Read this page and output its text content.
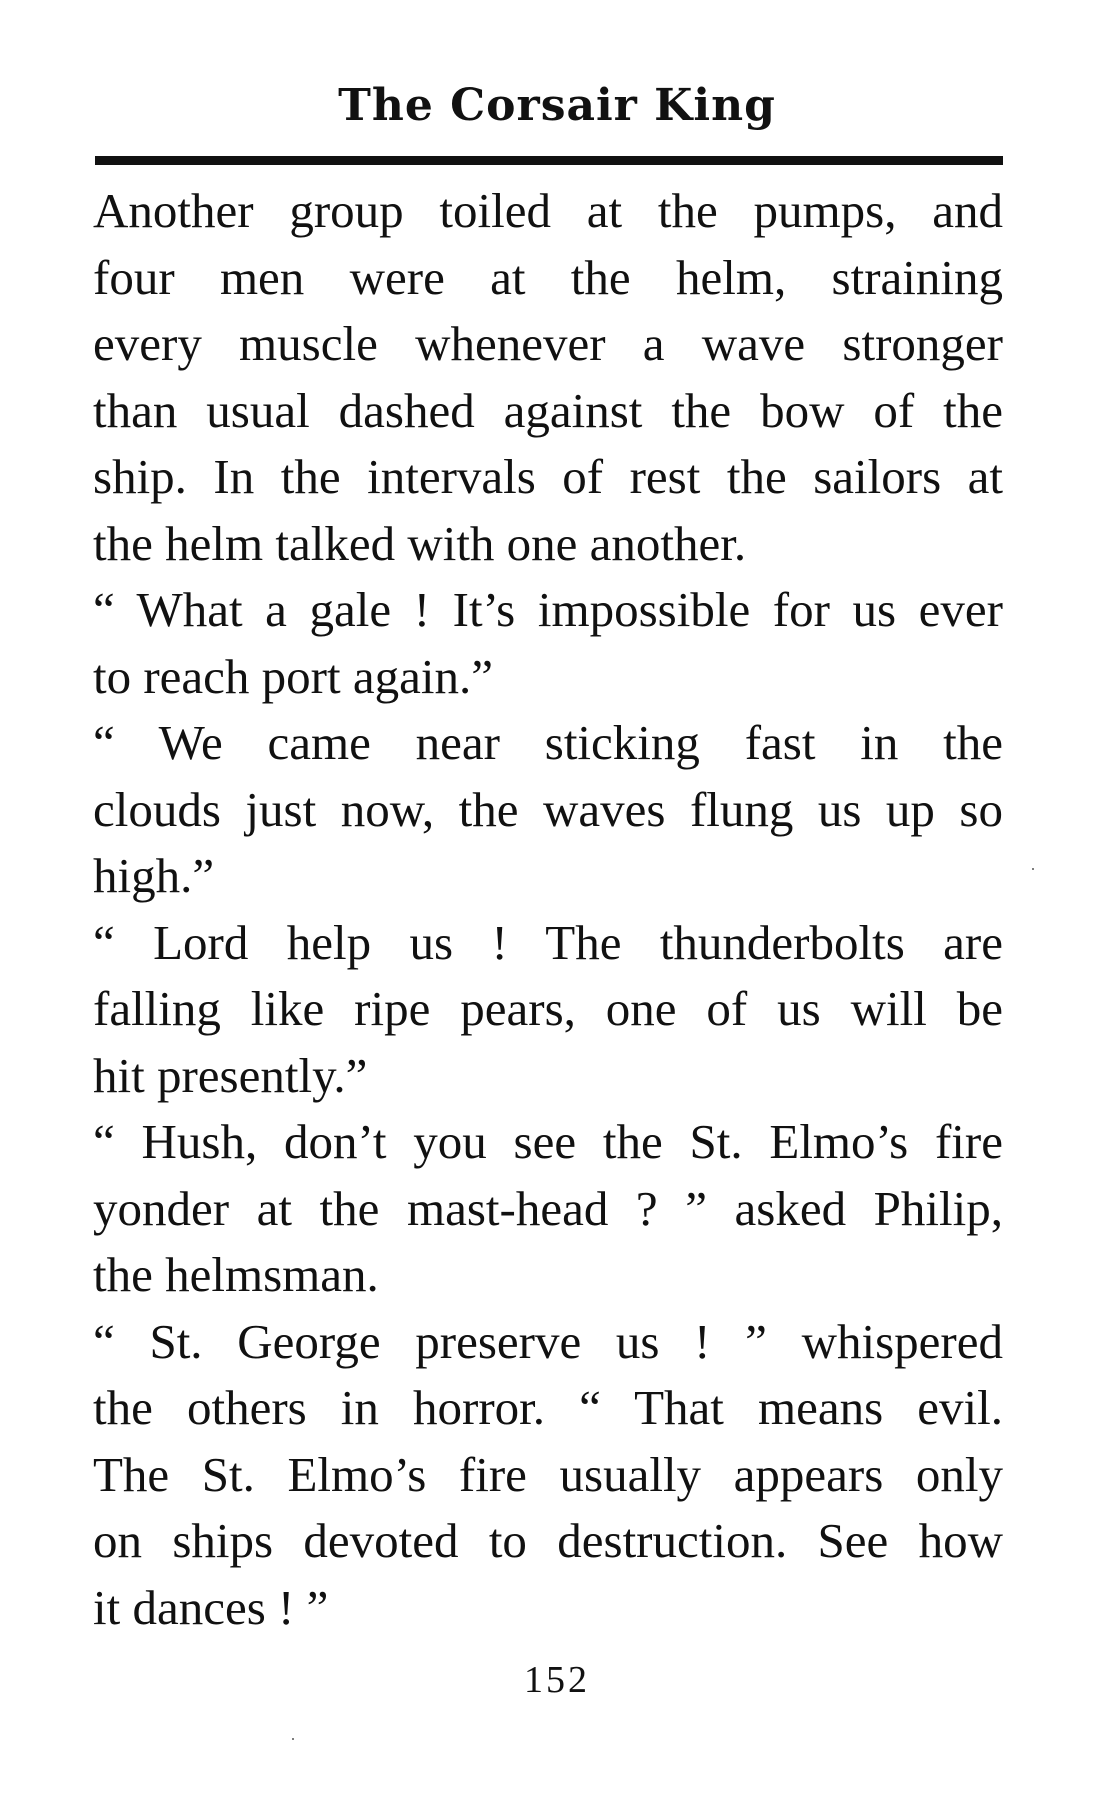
The Corsair King
Another group toiled at the pumps, and
four men were at the helm, straining
every muscle whenever a wave stronger
than usual dashed against the bow of the
ship. In the intervals of rest the sailors at
the helm talked with one another.
“ What a gale ! It’s impossible for us ever
to reach port again.”
“ We came near sticking fast in the
clouds just now, the waves flung us up so
high.”
“ Lord help us ! The thunderbolts are
falling like ripe pears, one of us will be
hit presently.”
“ Hush, don’t you see the St. Elmo’s fire
yonder at the mast-head ? ” asked Philip,
the helmsman.
“ St. George preserve us ! ” whispered
the others in horror. “ That means evil.
The St. Elmo’s fire usually appears only
on ships devoted to destruction. See how
it dances ! ”
152
